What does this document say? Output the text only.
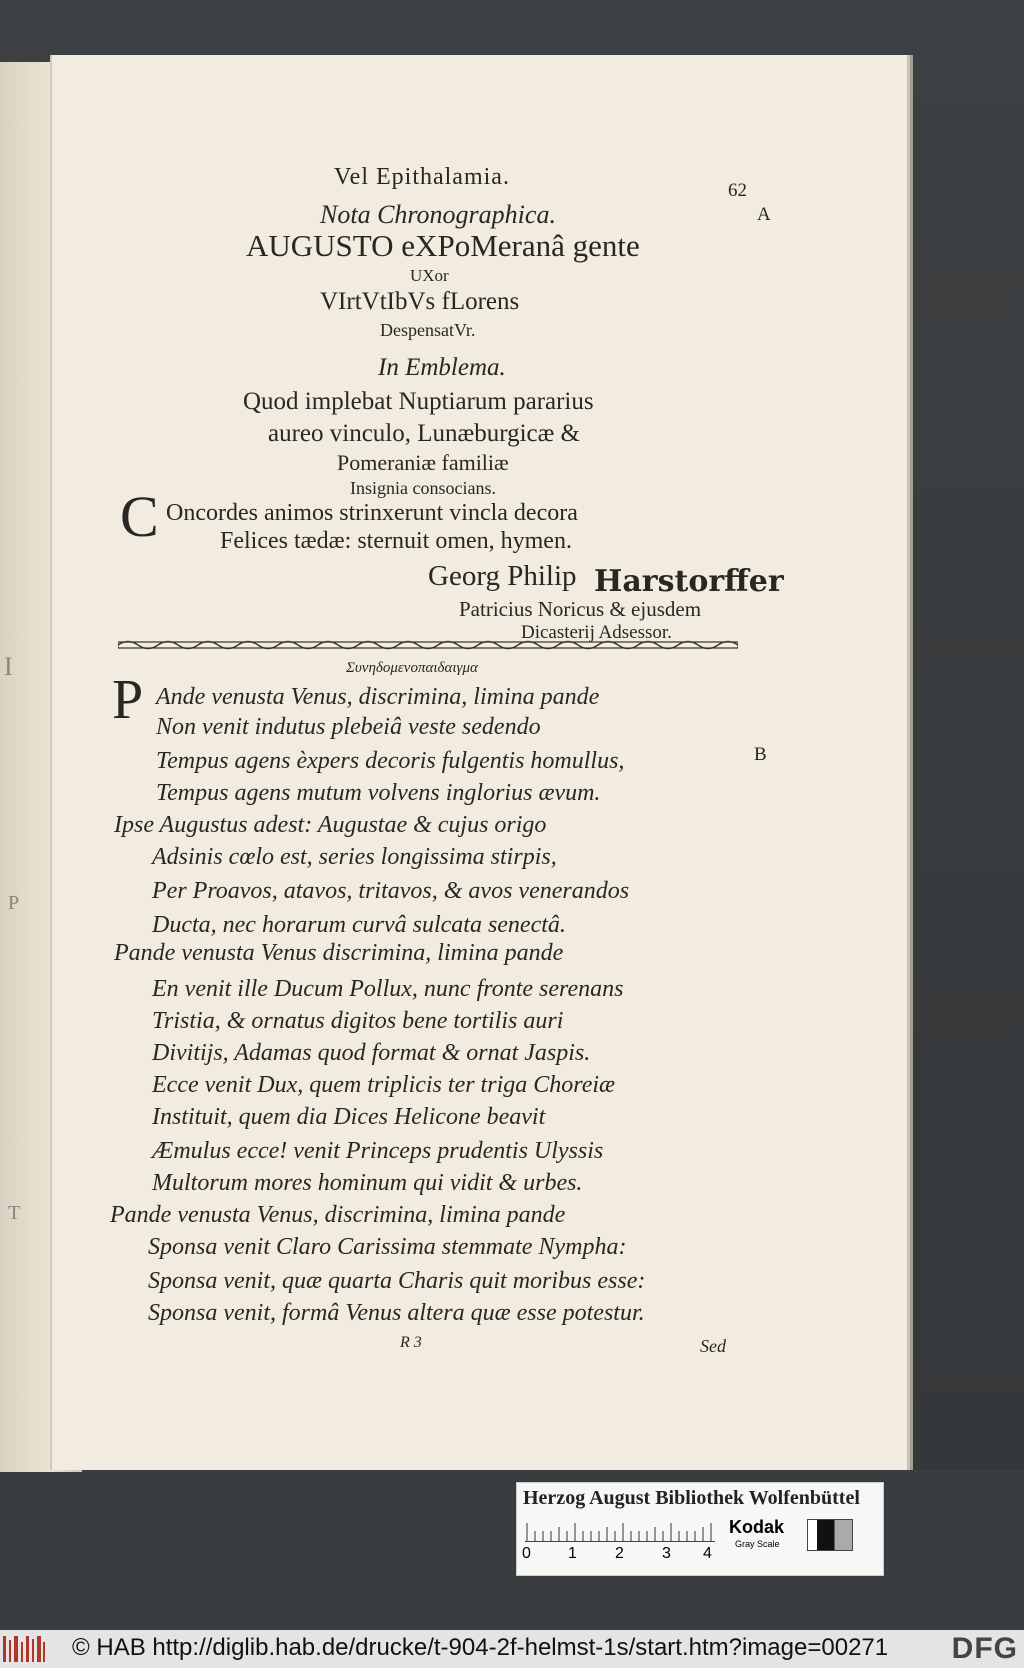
I
P
T
Vel Epithalamia.
62
A
Nota Chronographica.
AUGUSTO eXPoMeranâ gente
UXor
VIrtVtIbVs fLorens
DespensatVr.
In Emblema.
Quod implebat Nuptiarum pararius
aureo vinculo, Lunæburgicæ &
Pomeraniæ familiæ
Insignia consocians.
C Oncordes animos strinxerunt vincla decora
Felices tædæ: sternuit omen, hymen.
Georg Philip Harstorffer
Patricius Noricus & ejusdem
Dicasterij Adsessor.
Συνηδομενοπαιδαιγμα
P Ande venusta Venus, discrimina, limina pande
Non venit indutus plebeiâ veste sedendo
Tempus agens èxpers decoris fulgentis homullus,	B
Tempus agens mutum volvens inglorius ævum.
Ipse Augustus adest: Augustae & cujus origo
Adsinis cœlo est, series longissima stirpis,
Per Proavos, atavos, tritavos, & avos venerandos
Ducta, nec horarum curvâ sulcata senectâ.
Pande venusta Venus discrimina, limina pande
En venit ille Ducum Pollux, nunc fronte serenans
Tristia, & ornatus digitos bene tortilis auri
Divitijs, Adamas quod format & ornat Jaspis.
Ecce venit Dux, quem triplicis ter triga Choreiæ
Instituit, quem dia Dices Helicone beavit
Æmulus ecce! venit Princeps prudentis Ulyssis
Multorum mores hominum qui vidit & urbes.
Pande venusta Venus, discrimina, limina pande
Sponsa venit Claro Carissima stemmate Nympha:
Sponsa venit, quæ quarta Charis quit moribus esse:
Sponsa venit, formâ Venus altera quæ esse potestur.
R 3	Sed
Herzog August Bibliothek Wolfenbüttel
0 1 2 3 4
Kodak
Gray Scale
© HAB http://diglib.hab.de/drucke/t-904-2f-helmst-1s/start.htm?image=00271 DFG
